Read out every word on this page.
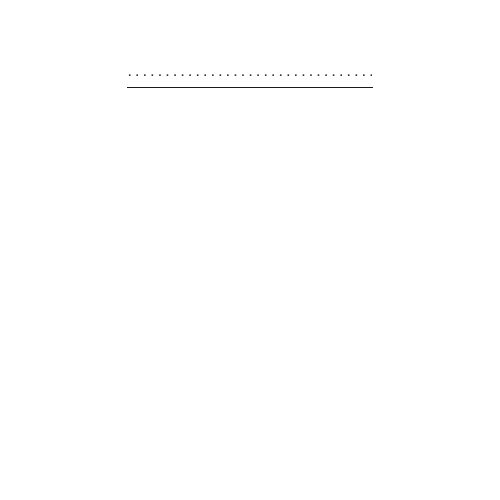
. . .
